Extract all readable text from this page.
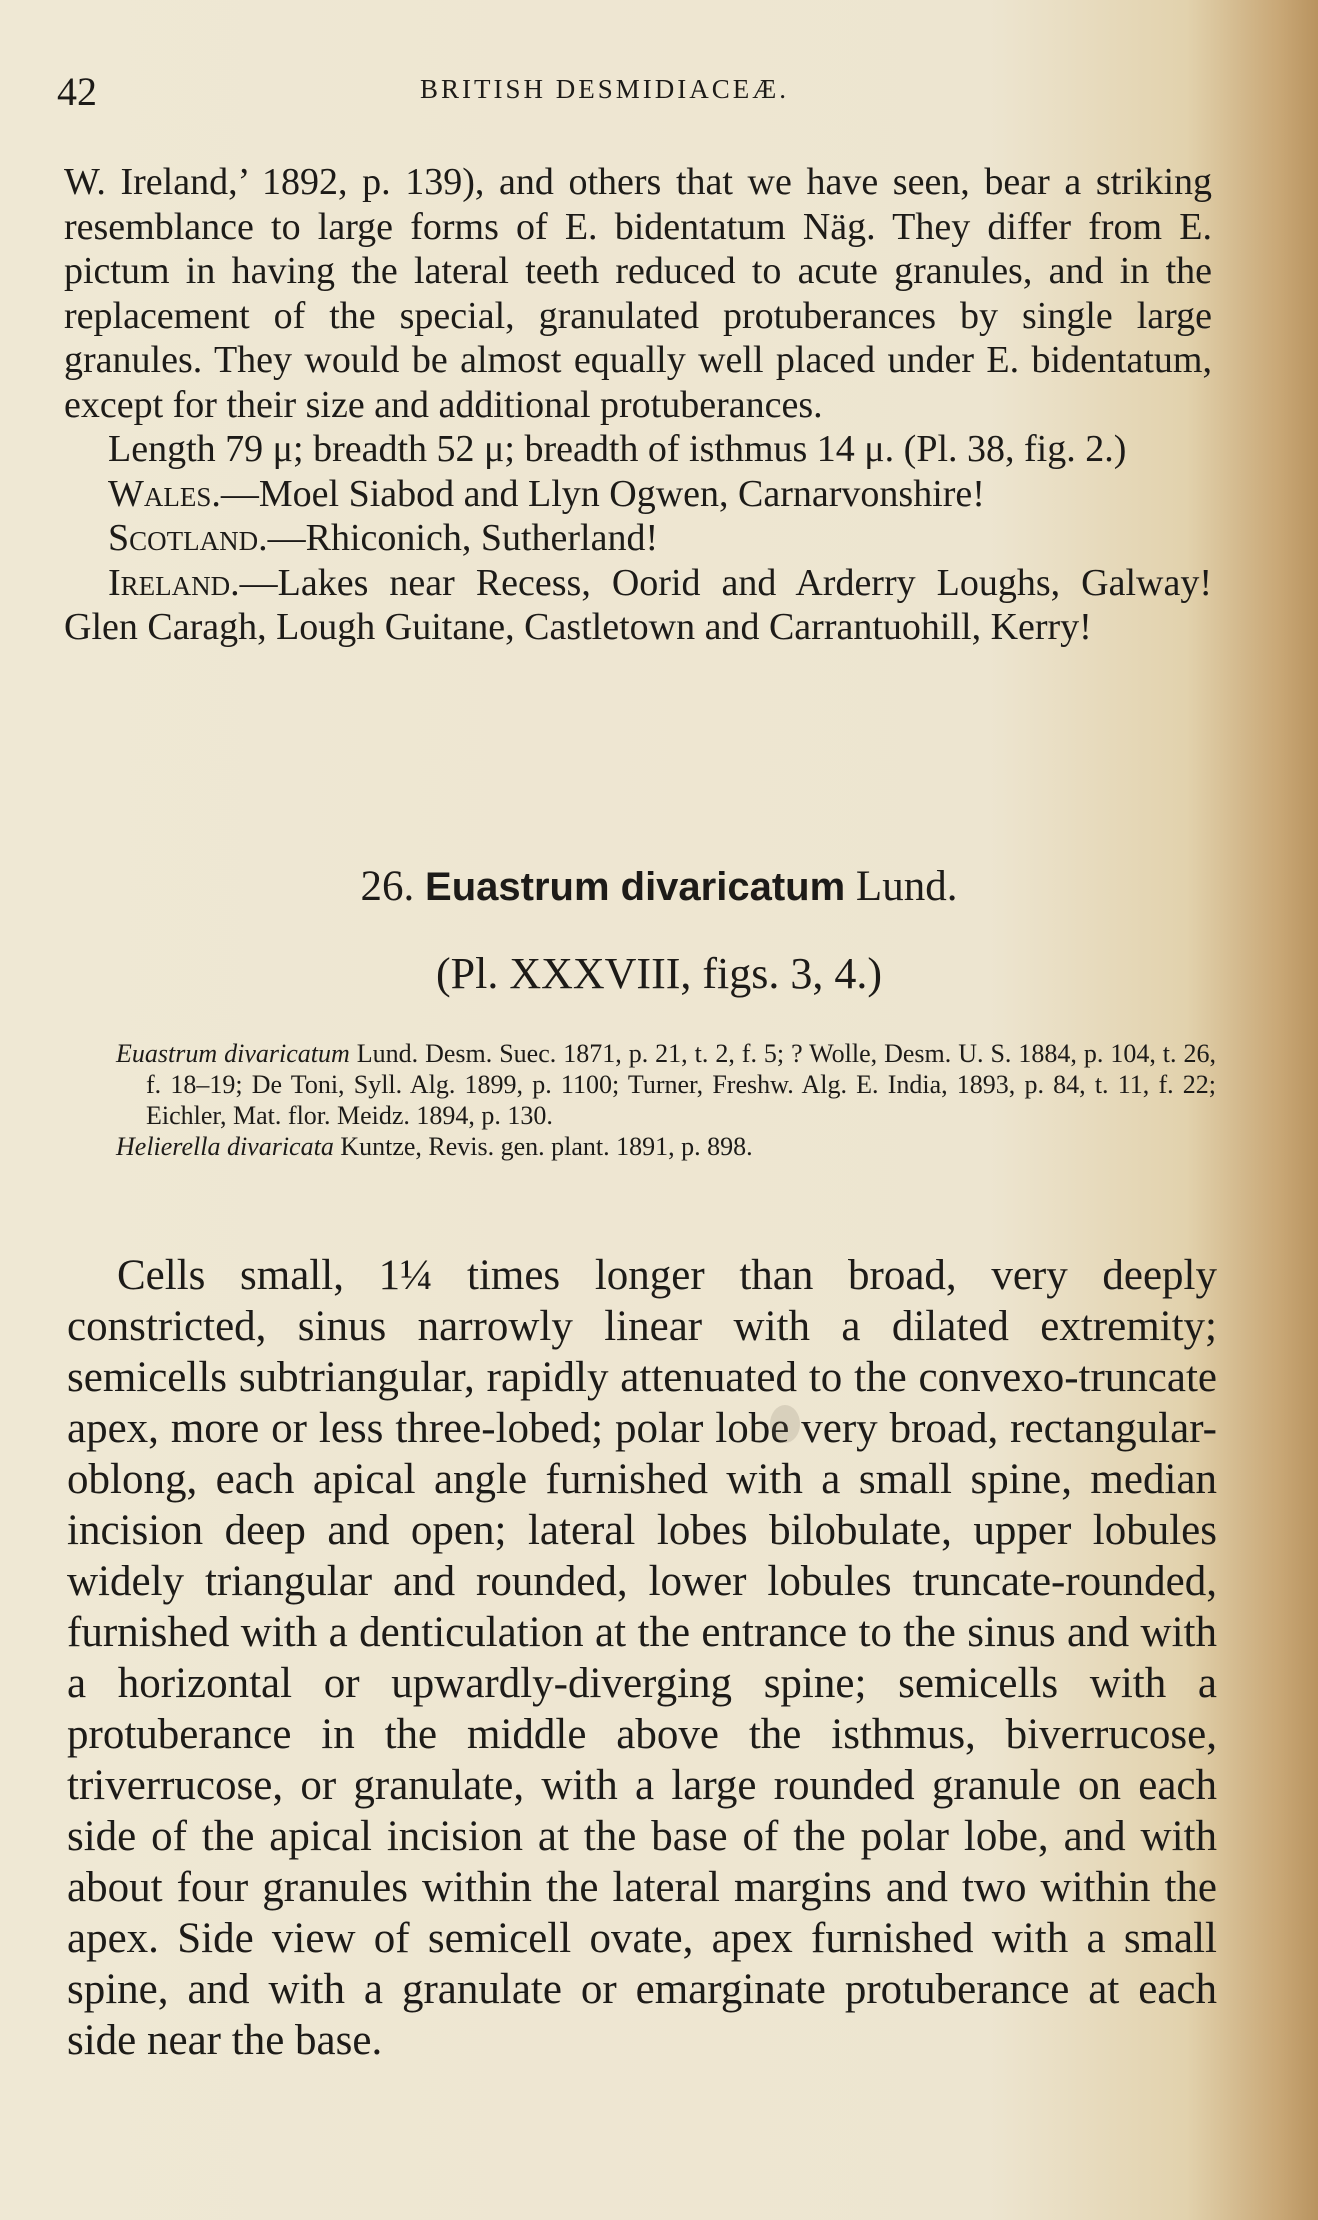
42	BRITISH DESMIDIACEÆ.

W. Ireland,’ 1892, p. 139), and others that we have seen, bear a striking resemblance to large forms of E. bidentatum Näg. They differ from E. pictum in having the lateral teeth reduced to acute granules, and in the replacement of the special, granulated protuberances by single large granules. They would be almost equally well placed under E. bidentatum, except for their size and additional protuberances.

Length 79 μ; breadth 52 μ; breadth of isthmus 14 μ. (Pl. 38, fig. 2.)

Wales.—Moel Siabod and Llyn Ogwen, Carnarvonshire!

Scotland.—Rhiconich, Sutherland!

Ireland.—Lakes near Recess, Oorid and Arderry Loughs, Galway! Glen Caragh, Lough Guitane, Castletown and Carrantuohill, Kerry!

26. Euastrum divaricatum Lund.
(Pl. XXXVIII, figs. 3, 4.)

Euastrum divaricatum Lund. Desm. Suec. 1871, p. 21, t. 2, f. 5; ? Wolle, Desm. U. S. 1884, p. 104, t. 26, f. 18–19; De Toni, Syll. Alg. 1899, p. 1100; Turner, Freshw. Alg. E. India, 1893, p. 84, t. 11, f. 22; Eichler, Mat. flor. Meidz. 1894, p. 130.

Helierella divaricata Kuntze, Revis. gen. plant. 1891, p. 898.

Cells small, 1¼ times longer than broad, very deeply constricted, sinus narrowly linear with a dilated extremity; semicells subtriangular, rapidly attenuated to the convexo-truncate apex, more or less three-lobed; polar lobe very broad, rectangular-oblong, each apical angle furnished with a small spine, median incision deep and open; lateral lobes bilobulate, upper lobules widely triangular and rounded, lower lobules truncate-rounded, furnished with a denticulation at the entrance to the sinus and with a horizontal or upwardly-diverging spine; semicells with a protuberance in the middle above the isthmus, biverrucose, triverrucose, or granulate, with a large rounded granule on each side of the apical incision at the base of the polar lobe, and with about four granules within the lateral margins and two within the apex. Side view of semicell ovate, apex furnished with a small spine, and with a granulate or emarginate protuberance at each side near the base.
